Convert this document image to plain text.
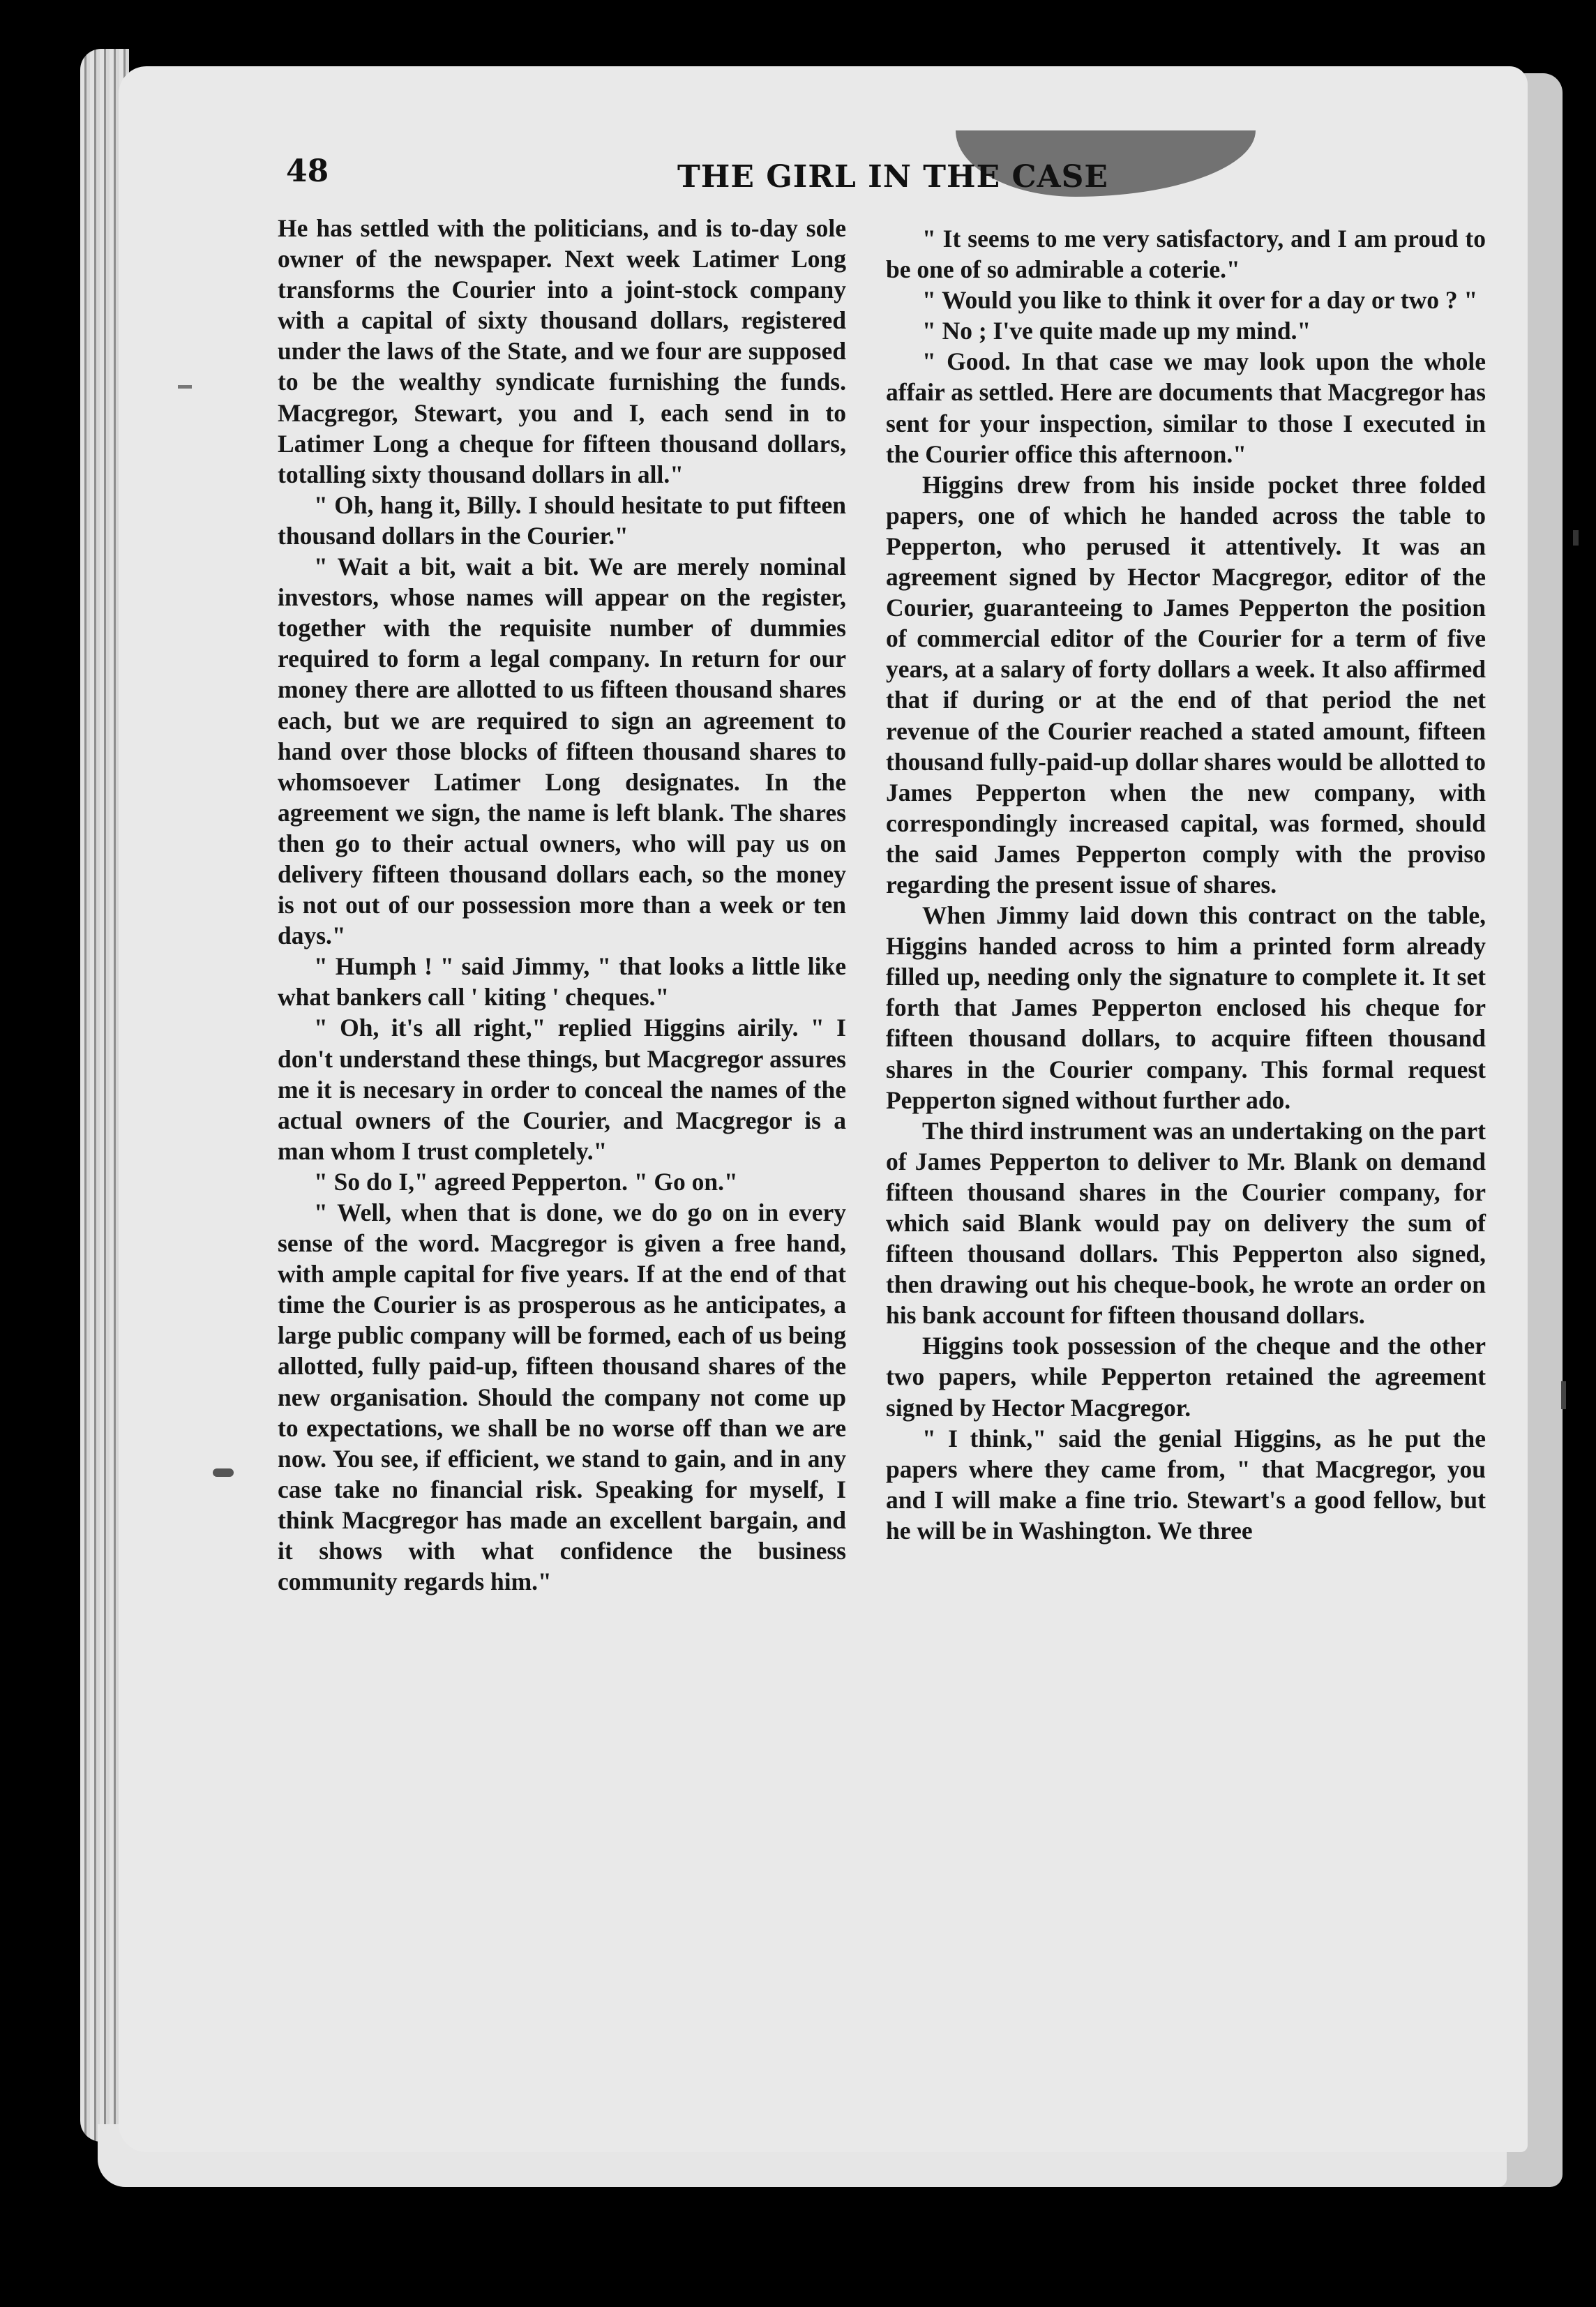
48	THE GIRL IN THE CASE

He has settled with the politicians, and is to-day sole owner of the newspaper. Next week Latimer Long transforms the Courier into a joint-stock company with a capital of sixty thousand dollars, registered under the laws of the State, and we four are supposed to be the wealthy syndicate furnishing the funds. Macgregor, Stewart, you and I, each send in to Latimer Long a cheque for fifteen thousand dollars, totalling sixty thousand dollars in all."

" Oh, hang it, Billy. I should hesitate to put fifteen thousand dollars in the Courier."

" Wait a bit, wait a bit. We are merely nominal investors, whose names will appear on the register, together with the requisite number of dummies required to form a legal company. In return for our money there are allotted to us fifteen thousand shares each, but we are required to sign an agreement to hand over those blocks of fifteen thousand shares to whomsoever Latimer Long designates. In the agreement we sign, the name is left blank. The shares then go to their actual owners, who will pay us on delivery fifteen thousand dollars each, so the money is not out of our possession more than a week or ten days."

" Humph ! " said Jimmy, " that looks a little like what bankers call ' kiting ' cheques."

" Oh, it's all right," replied Higgins airily. " I don't understand these things, but Macgregor assures me it is necesary in order to conceal the names of the actual owners of the Courier, and Macgregor is a man whom I trust completely."

" So do I," agreed Pepperton. " Go on."

" Well, when that is done, we do go on in every sense of the word. Macgregor is given a free hand, with ample capital for five years. If at the end of that time the Courier is as prosperous as he anticipates, a large public company will be formed, each of us being allotted, fully paid-up, fifteen thousand shares of the new organisation. Should the company not come up to expectations, we shall be no worse off than we are now. You see, if efficient, we stand to gain, and in any case take no financial risk. Speaking for myself, I think Macgregor has made an excellent bargain, and it shows with what confidence the business community regards him."

" It seems to me very satisfactory, and I am proud to be one of so admirable a coterie."

" Would you like to think it over for a day or two ? "

" No ; I've quite made up my mind."

" Good. In that case we may look upon the whole affair as settled. Here are documents that Macgregor has sent for your inspection, similar to those I executed in the Courier office this afternoon."

Higgins drew from his inside pocket three folded papers, one of which he handed across the table to Pepperton, who perused it attentively. It was an agreement signed by Hector Macgregor, editor of the Courier, guaranteeing to James Pepperton the position of commercial editor of the Courier for a term of five years, at a salary of forty dollars a week. It also affirmed that if during or at the end of that period the net revenue of the Courier reached a stated amount, fifteen thousand fully-paid-up dollar shares would be allotted to James Pepperton when the new company, with correspondingly increased capital, was formed, should the said James Pepperton comply with the proviso regarding the present issue of shares.

When Jimmy laid down this contract on the table, Higgins handed across to him a printed form already filled up, needing only the signature to complete it. It set forth that James Pepperton enclosed his cheque for fifteen thousand dollars, to acquire fifteen thousand shares in the Courier company. This formal request Pepperton signed without further ado.

The third instrument was an undertaking on the part of James Pepperton to deliver to Mr. Blank on demand fifteen thousand shares in the Courier company, for which said Blank would pay on delivery the sum of fifteen thousand dollars. This Pepperton also signed, then drawing out his cheque-book, he wrote an order on his bank account for fifteen thousand dollars.

Higgins took possession of the cheque and the other two papers, while Pepperton retained the agreement signed by Hector Macgregor.

" I think," said the genial Higgins, as he put the papers where they came from, " that Macgregor, you and I will make a fine trio. Stewart's a good fellow, but he will be in Washington. We three
